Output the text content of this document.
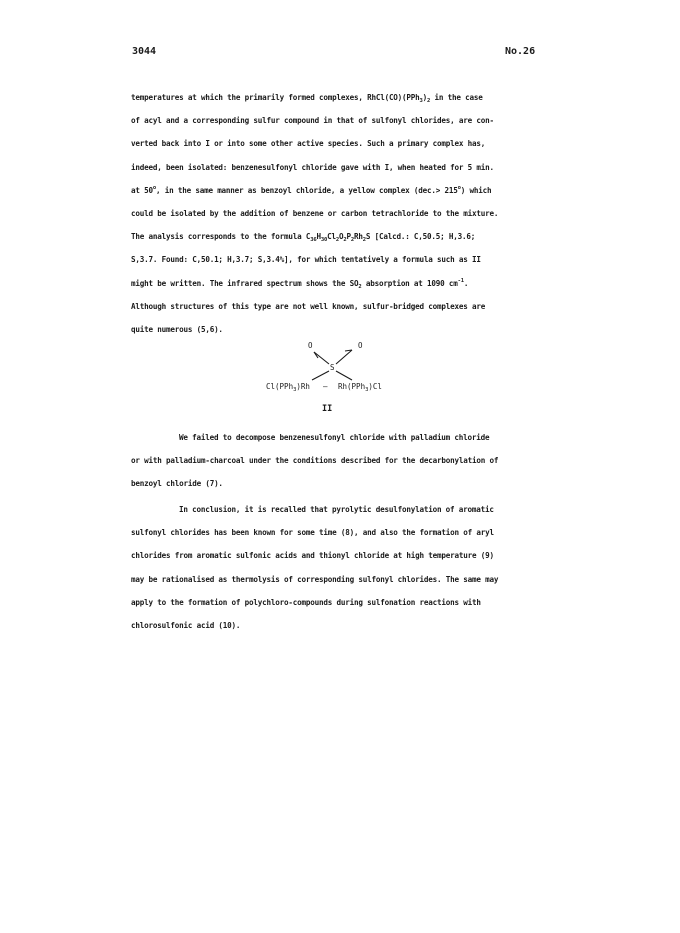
3044	No.26
temperatures at which the primarily formed complexes, $RhCl(CO)(PPh_3)_2$ in the case
of acyl and a corresponding sulfur compound in that of sulfonyl chlorides, are con-
verted back into I or into some other active species. Such a primary complex has,
indeed, been isolated: benzenesulfonyl chloride gave with I, when heated for 5 min.
at 50$^o$, in the same manner as benzoyl chloride, a yellow complex $(dec.> 215^o)$ which
could be isolated by the addition of benzene or carbon tetrachloride to the mixture.
The analysis corresponds to the formula $C_{36}H_{30}Cl_2O_2P_2Rh_2S$ [Calcd.: C,50.5; H,3.6;
S,3.7. Found: C,50.1; H,3.7; S,3.4%], for which tentatively a formula such as II
might be written. The infrared spectrum shows the $SO_2$ absorption at 1090 $cm^{-1}$.
Although structures of this type are not well known, sulfur-bridged complexes are
quite numerous (5,6).
O	O
S
Cl(PPh$_3$)Rh — Rh(PPh$_3$)Cl
II
We failed to decompose benzenesulfonyl chloride with palladium chloride
or with palladium-charcoal under the conditions described for the decarbonylation of
benzoyl chloride (7).
In conclusion, it is recalled that pyrolytic desulfonylation of aromatic
sulfonyl chlorides has been known for some time (8), and also the formation of aryl
chlorides from aromatic sulfonic acids and thionyl chloride at high temperature (9)
may be rationalised as thermolysis of corresponding sulfonyl chlorides. The same may
apply to the formation of polychloro-compounds during sulfonation reactions with
chlorosulfonic acid (10).
